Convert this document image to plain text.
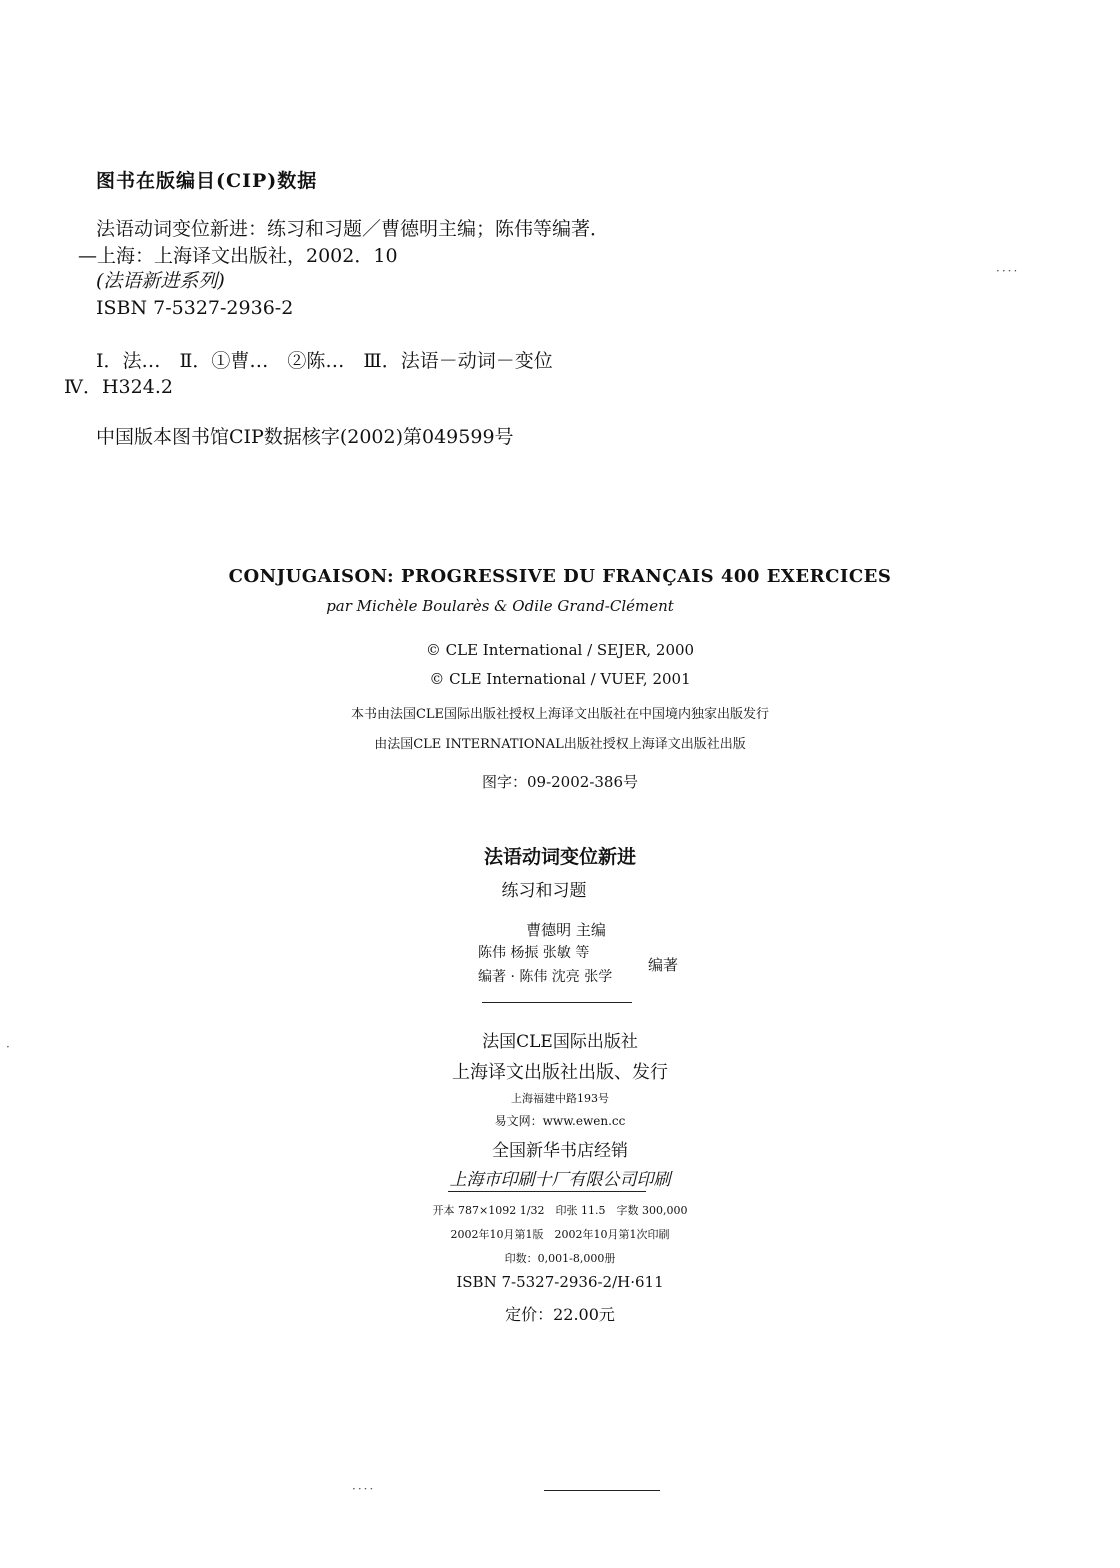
图书在版编目(CIP)数据
法语动词变位新进：练习和习题／曹德明主编；陈伟等编著．
—上海：上海译文出版社，2002．10
(法语新进系列)
ISBN 7-5327-2936-2
Ⅰ．法…　Ⅱ．①曹…　②陈…　Ⅲ．法语－动词－变位
Ⅳ．H324.2
中国版本图书馆CIP数据核字(2002)第049599号
CONJUGAISON: PROGRESSIVE DU FRANÇAIS 400 EXERCICES
par Michèle Boularès & Odile Grand-Clément
© CLE International / SEJER, 2000
© CLE International / VUEF, 2001
本书由法国CLE国际出版社授权上海译文出版社在中国境内独家出版发行
由法国CLE INTERNATIONAL出版社授权上海译文出版社出版
图字：09-2002-386号
法语动词变位新进
练习和习题
曹德明 主编
陈伟 杨振 张敏 等
编著 · 陈伟 沈亮 张学
编著
法国CLE国际出版社
上海译文出版社出版、发行
上海福建中路193号
易文网：www.ewen.cc
全国新华书店经销
上海市印刷十厂有限公司印刷
开本 787×1092 1/32　印张 11.5　字数 300,000
2002年10月第1版　2002年10月第1次印刷
印数：0,001-8,000册
ISBN 7-5327-2936-2/H·611
定价：22.00元
····
····
·
